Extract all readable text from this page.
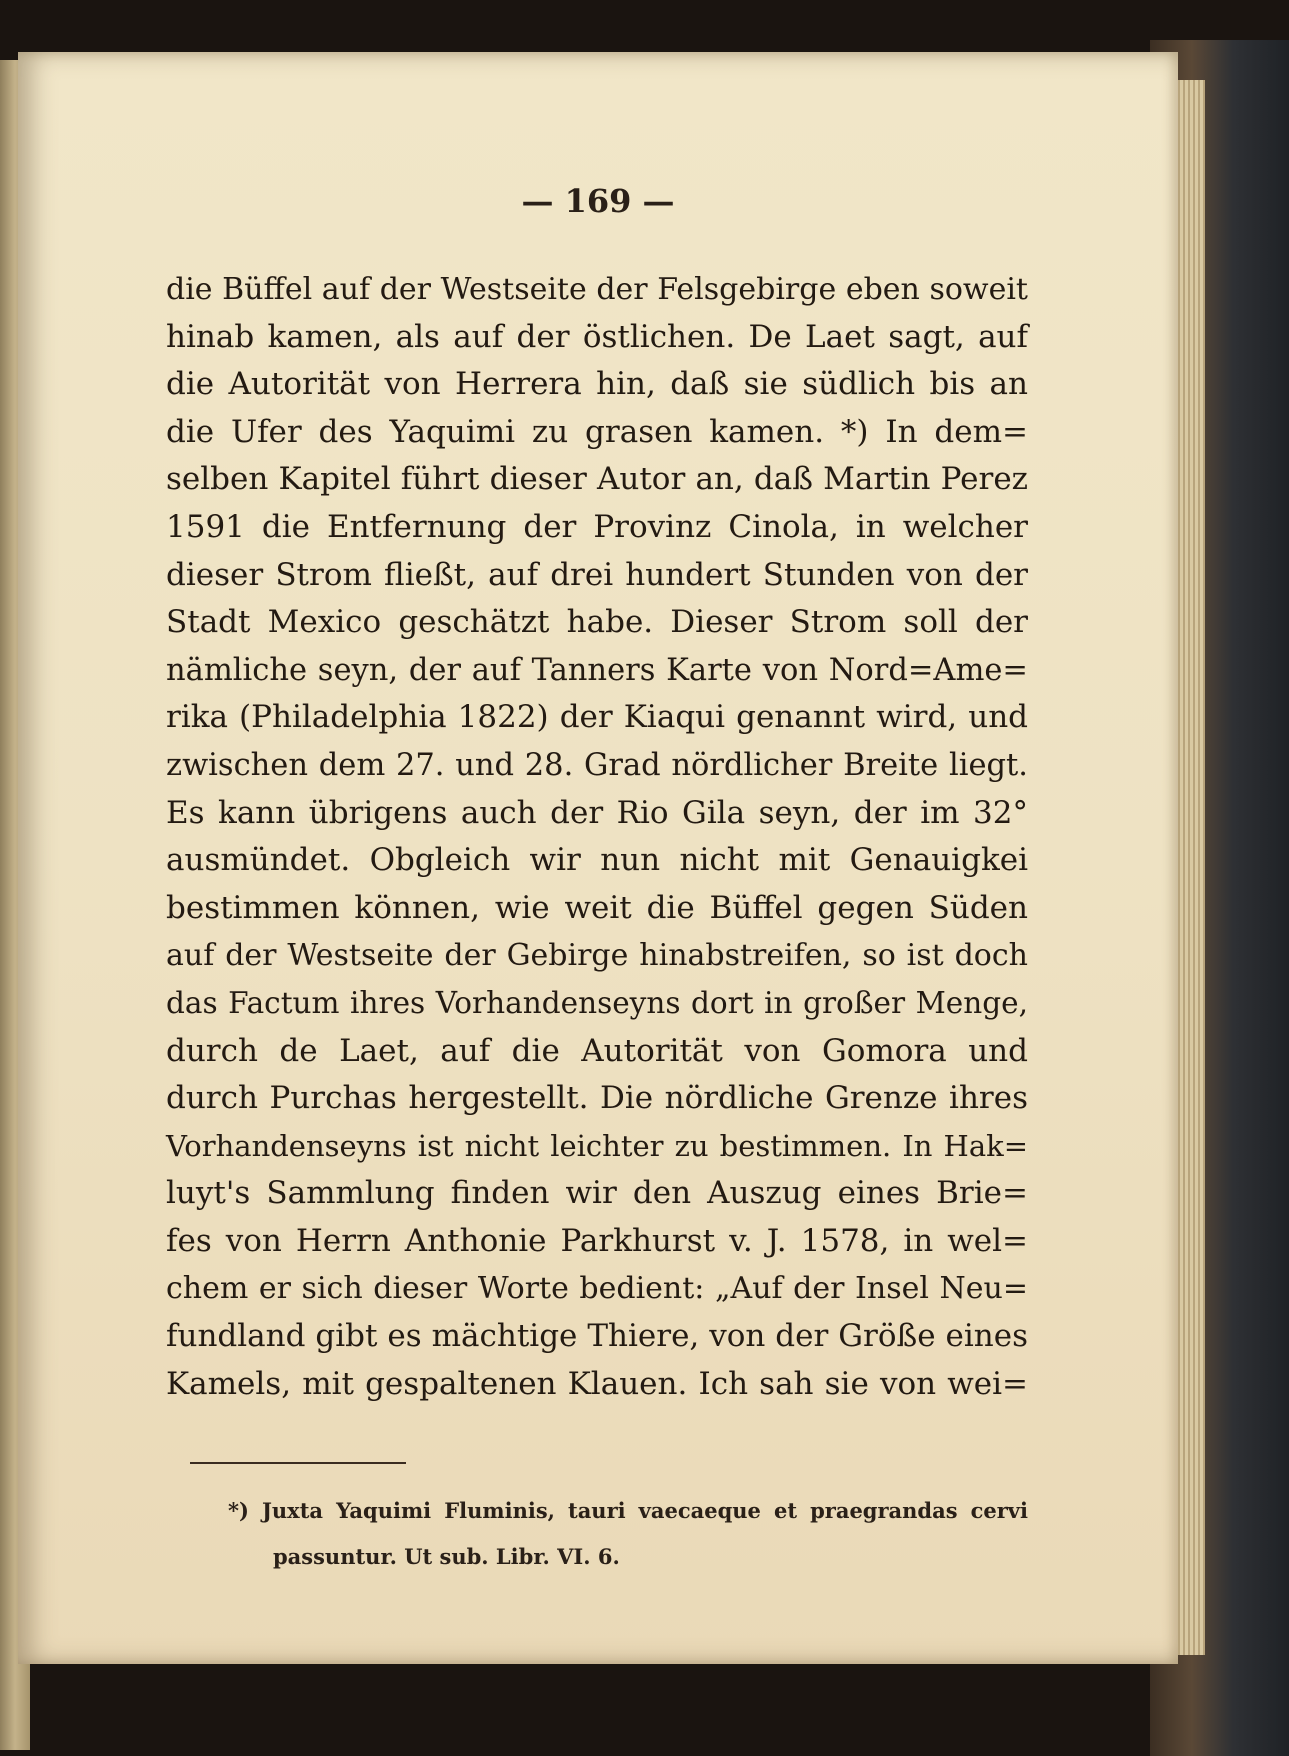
— 169 —
die Büffel auf der Westseite der Felsgebirge eben soweit
hinab kamen, als auf der östlichen. De Laet sagt, auf
die Autorität von Herrera hin, daß sie südlich bis an
die Ufer des Yaquimi zu grasen kamen. *) In dem=
selben Kapitel führt dieser Autor an, daß Martin Perez
1591 die Entfernung der Provinz Cinola, in welcher
dieser Strom fließt, auf drei hundert Stunden von der
Stadt Mexico geschätzt habe. Dieser Strom soll der
nämliche seyn, der auf Tanners Karte von Nord=Ame=
rika (Philadelphia 1822) der Kiaqui genannt wird, und
zwischen dem 27. und 28. Grad nördlicher Breite liegt.
Es kann übrigens auch der Rio Gila seyn, der im 32°
ausmündet. Obgleich wir nun nicht mit Genauigkei
bestimmen können, wie weit die Büffel gegen Süden
auf der Westseite der Gebirge hinabstreifen, so ist doch
das Factum ihres Vorhandenseyns dort in großer Menge,
durch de Laet, auf die Autorität von Gomora und
durch Purchas hergestellt. Die nördliche Grenze ihres
Vorhandenseyns ist nicht leichter zu bestimmen. In Hak=
luyt's Sammlung finden wir den Auszug eines Brie=
fes von Herrn Anthonie Parkhurst v. J. 1578, in wel=
chem er sich dieser Worte bedient: „Auf der Insel Neu=
fundland gibt es mächtige Thiere, von der Größe eines
Kamels, mit gespaltenen Klauen. Ich sah sie von wei=
*) Juxta Yaquimi Fluminis, tauri vaecaeque et praegrandas cervi
passuntur. Ut sub. Libr. VI. 6.
